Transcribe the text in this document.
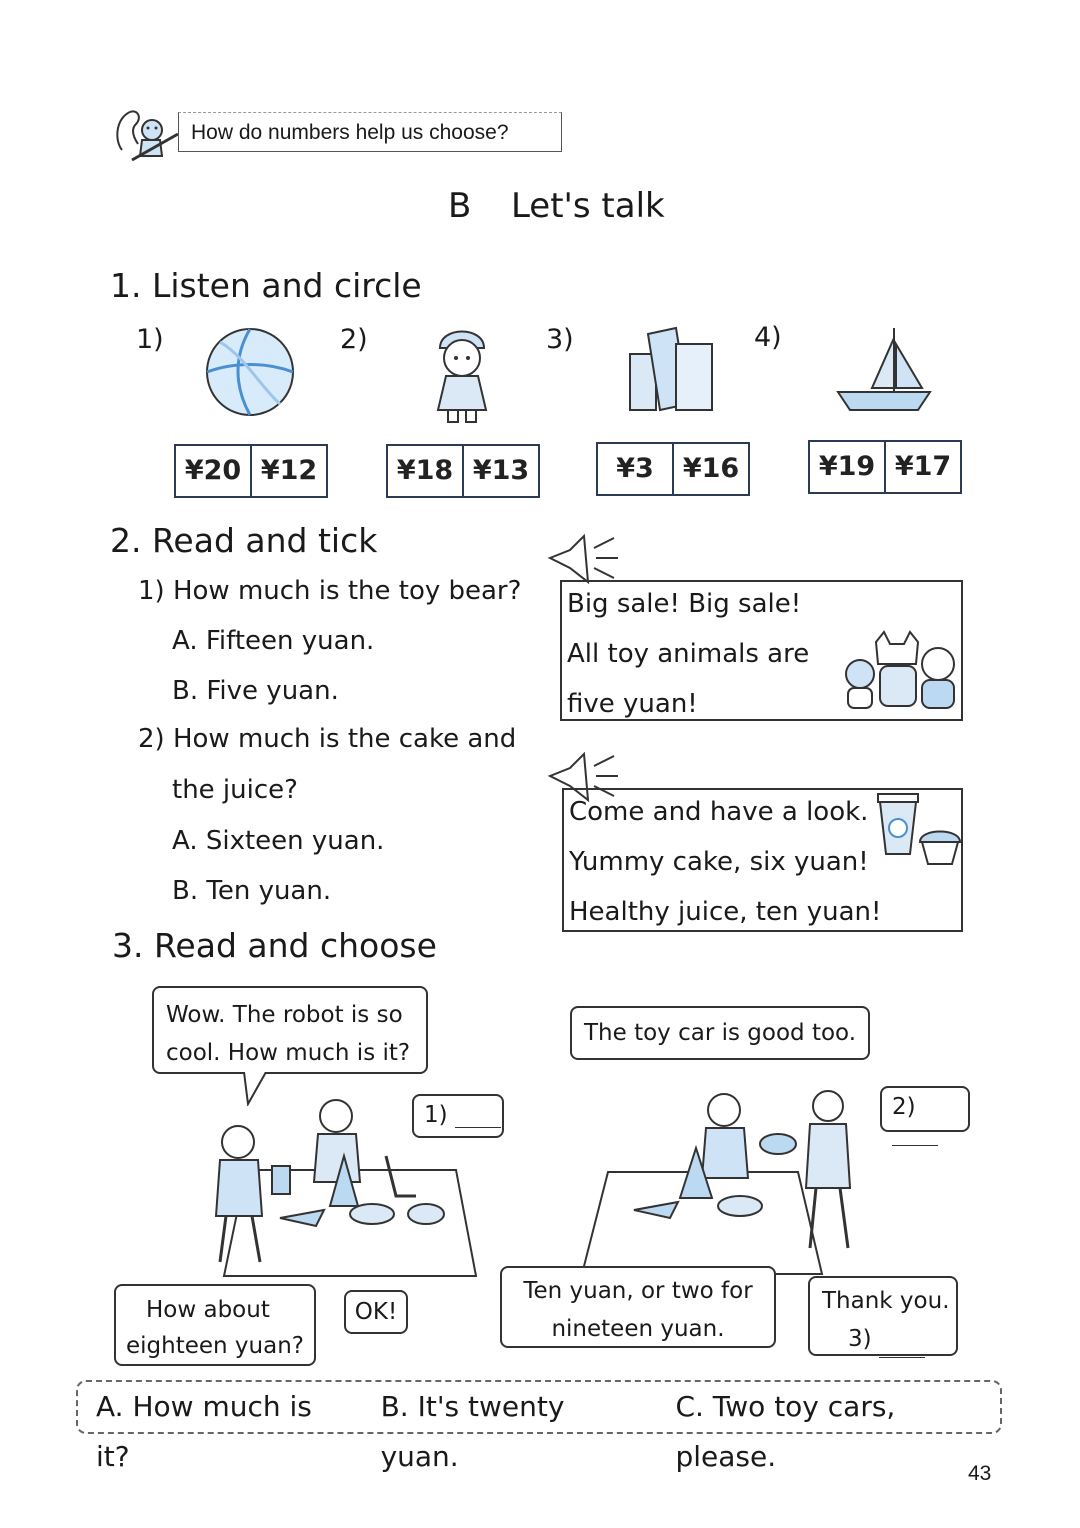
How do numbers help us choose?
B Let's talk
1. Listen and circle
1)	2)	3)	4)
¥20 ¥12	¥18 ¥13	¥3	¥16	¥19 ¥17
2. Read and tick
1) How much is the toy bear?
A. Fifteen yuan.
B. Five yuan.
2) How much is the cake and
the juice?
A. Sixteen yuan.
B. Ten yuan.
Big sale! Big sale!
All toy animals are
five yuan!
Come and have a look.
Yummy cake, six yuan!
Healthy juice, ten yuan!
3. Read and choose
Wow. The robot is so
cool. How much is it?
1)
How about
eighteen yuan?
OK!
The toy car is good too.
2)
Ten yuan, or two for
nineteen yuan.
Thank you.
3)
A. How much is it?
B. It's twenty yuan.
C. Two toy cars, please.
43
